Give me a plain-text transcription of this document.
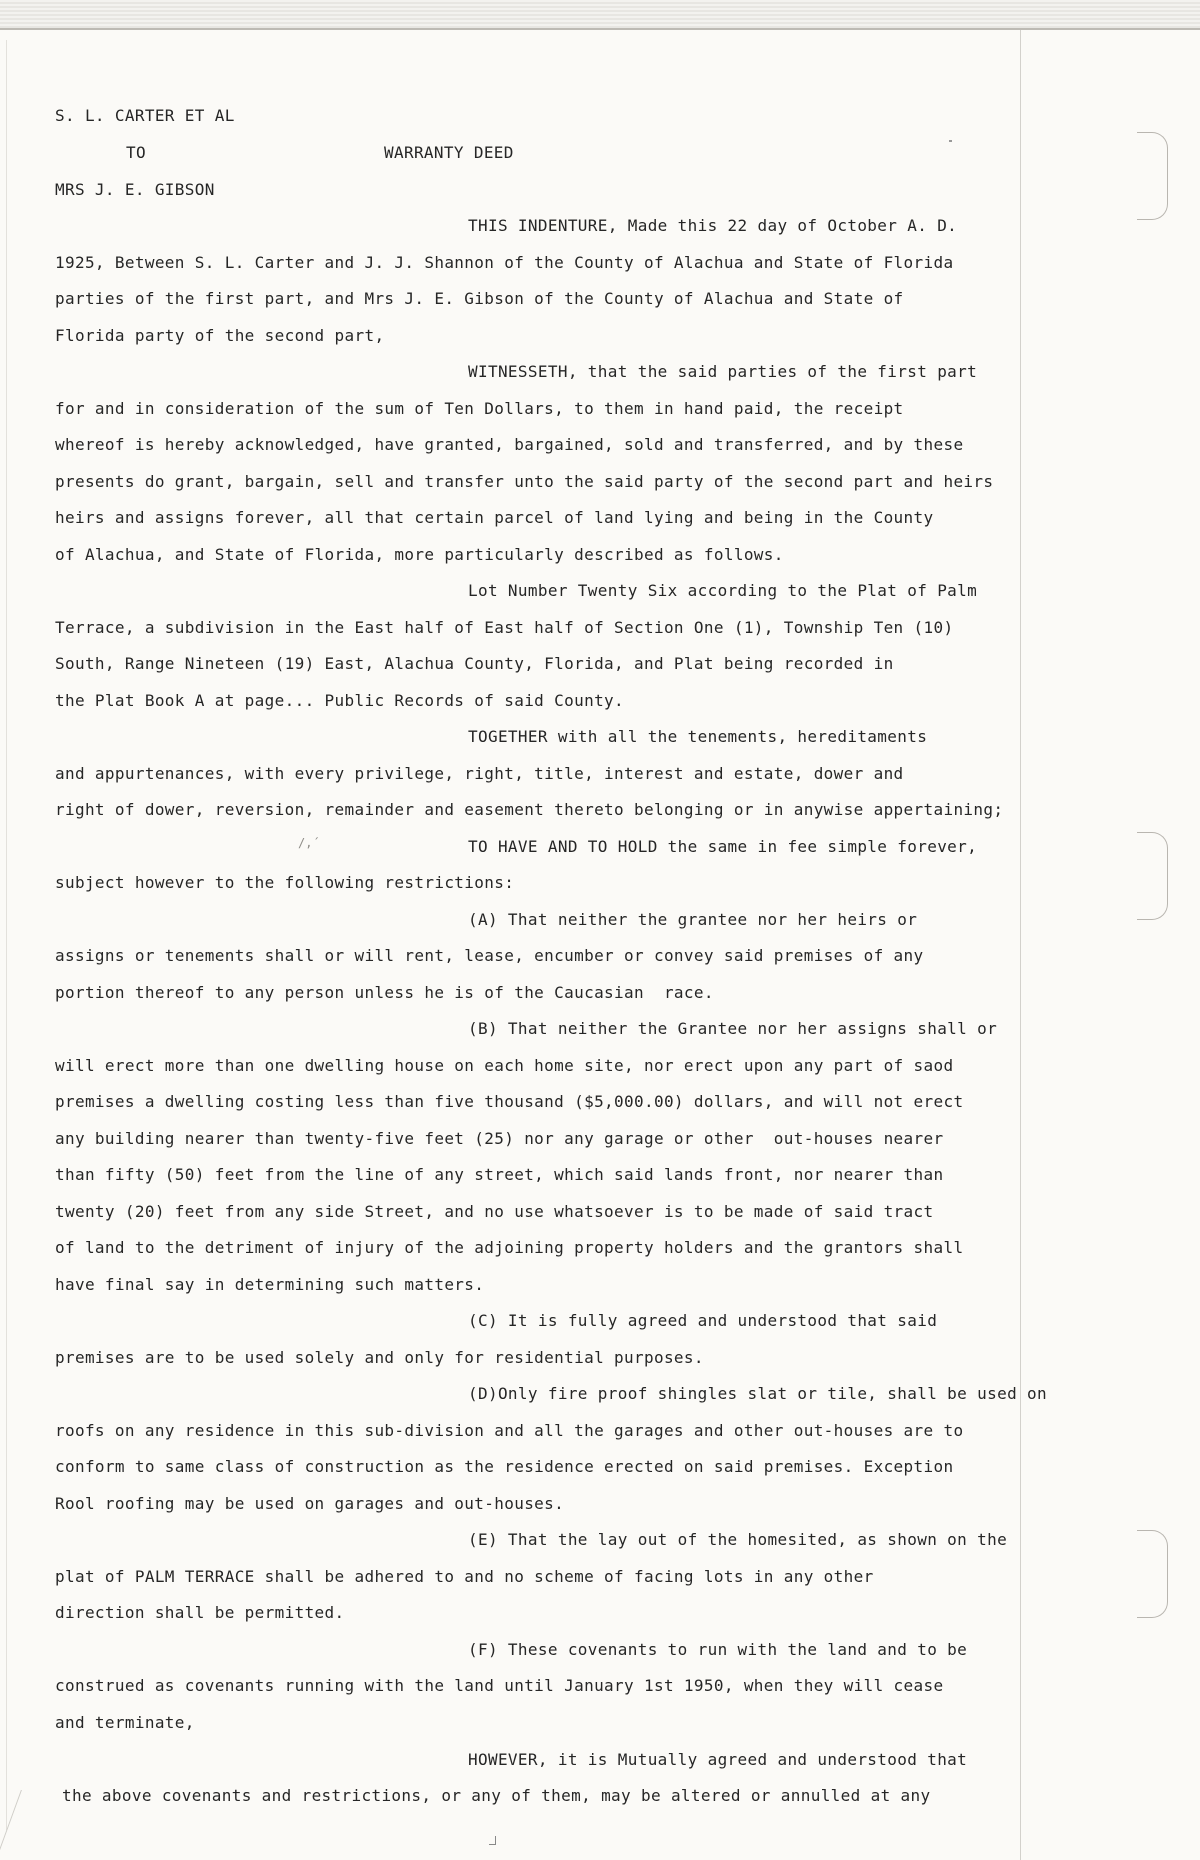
/‚´
S. L. CARTER ET AL
TO	WARRANTY DEED
MRS J. E. GIBSON
THIS INDENTURE, Made this 22 day of October A. D.
1925, Between S. L. Carter and J. J. Shannon of the County of Alachua and State of Florida
parties of the first part, and Mrs J. E. Gibson of the County of Alachua and State of
Florida party of the second part,
WITNESSETH, that the said parties of the first part
for and in consideration of the sum of Ten Dollars, to them in hand paid, the receipt
whereof is hereby acknowledged, have granted, bargained, sold and transferred, and by these
presents do grant, bargain, sell and transfer unto the said party of the second part and heirs
heirs and assigns forever, all that certain parcel of land lying and being in the County
of Alachua, and State of Florida, more particularly described as follows.
Lot Number Twenty Six according to the Plat of Palm
Terrace, a subdivision in the East half of East half of Section One (1), Township Ten (10)
South, Range Nineteen (19) East, Alachua County, Florida, and Plat being recorded in
the Plat Book A at page... Public Records of said County.
TOGETHER with all the tenements, hereditaments
and appurtenances, with every privilege, right, title, interest and estate, dower and
right of dower, reversion, remainder and easement thereto belonging or in anywise appertaining;
TO HAVE AND TO HOLD the same in fee simple forever,
subject however to the following restrictions:
(A) That neither the grantee nor her heirs or
assigns or tenements shall or will rent, lease, encumber or convey said premises of any
portion thereof to any person unless he is of the Caucasian  race.
(B) That neither the Grantee nor her assigns shall or
will erect more than one dwelling house on each home site, nor erect upon any part of saod
premises a dwelling costing less than five thousand ($5,000.00) dollars, and will not erect
any building nearer than twenty-five feet (25) nor any garage or other  out-houses nearer
than fifty (50) feet from the line of any street, which said lands front, nor nearer than
twenty (20) feet from any side Street, and no use whatsoever is to be made of said tract
of land to the detriment of injury of the adjoining property holders and the grantors shall
have final say in determining such matters.
(C) It is fully agreed and understood that said
premises are to be used solely and only for residential purposes.
(D)Only fire proof shingles slat or tile, shall be used on
roofs on any residence in this sub-division and all the garages and other out-houses are to
conform to same class of construction as the residence erected on said premises. Exception
Rool roofing may be used on garages and out-houses.
(E) That the lay out of the homesited, as shown on the
plat of PALM TERRACE shall be adhered to and no scheme of facing lots in any other
direction shall be permitted.
(F) These covenants to run with the land and to be
construed as covenants running with the land until January 1st 1950, when they will cease
and terminate,
HOWEVER, it is Mutually agreed and understood that
the above covenants and restrictions, or any of them, may be altered or annulled at any
